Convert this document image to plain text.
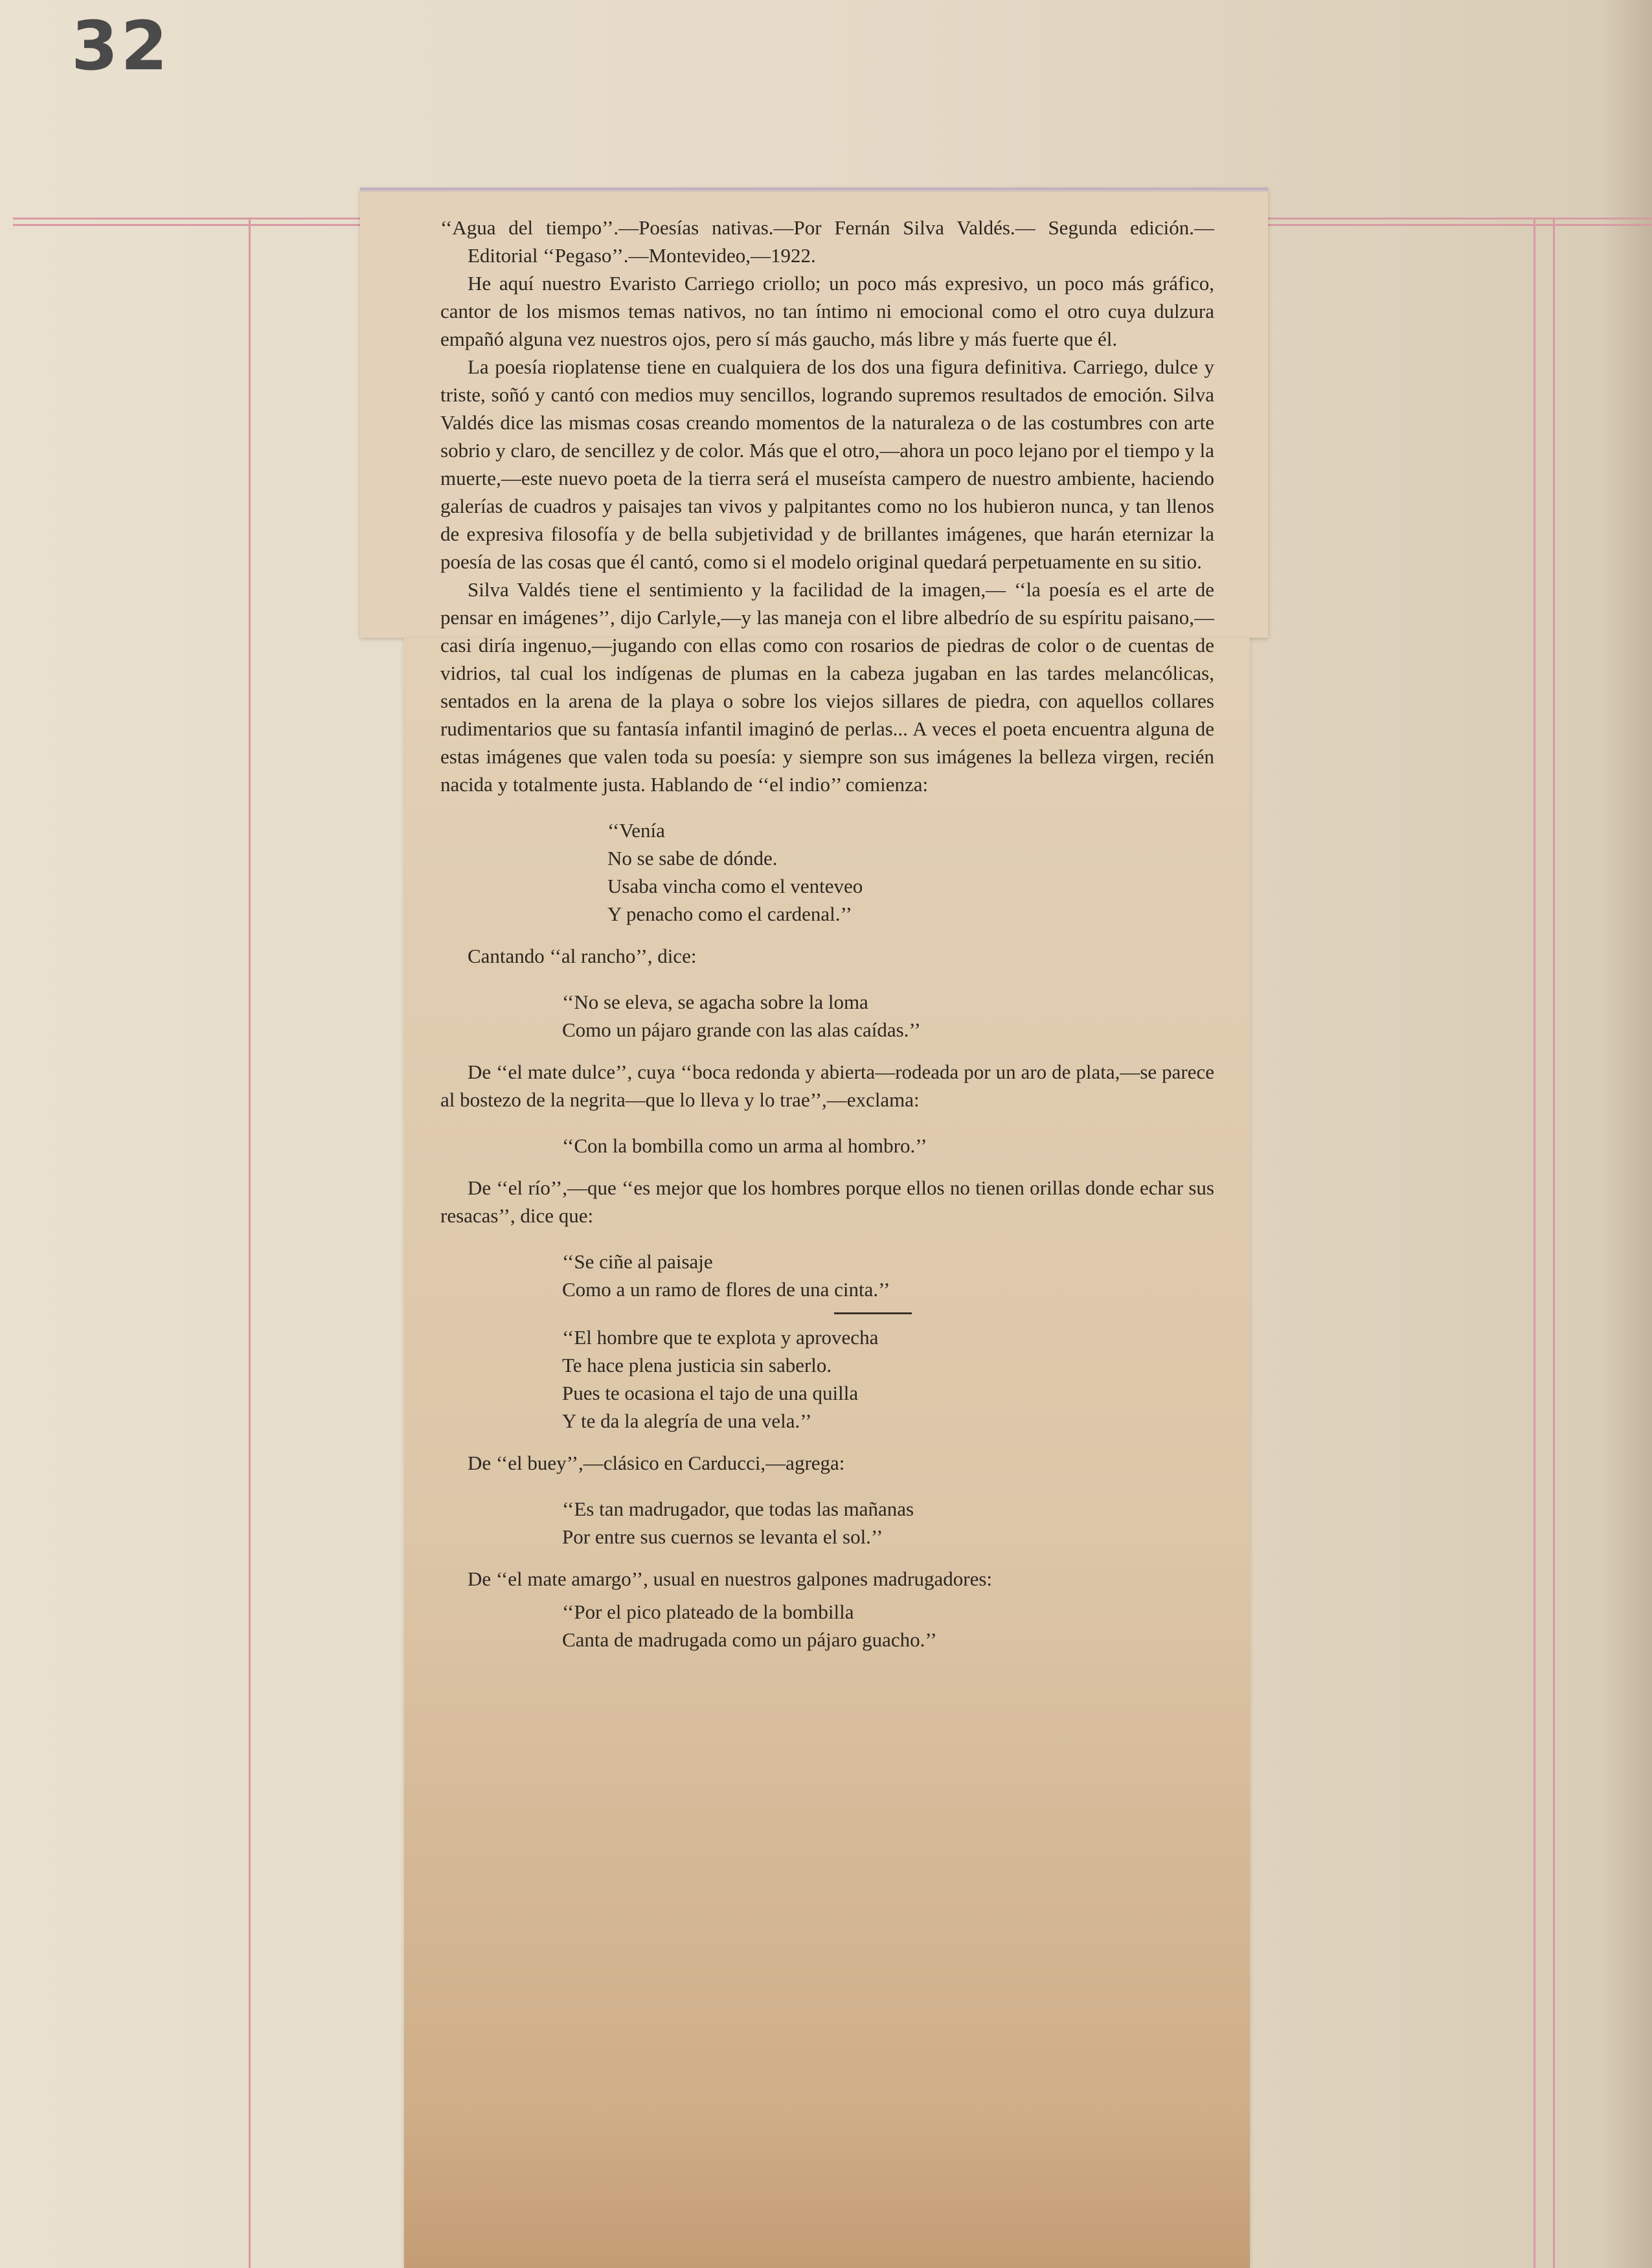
32

‘‘Agua del tiempo’’.—Poesías nativas.—Por Fernán Silva Valdés.— Segunda edición.—Editorial ‘‘Pegaso’’.—Montevideo,—1922.

He aquí nuestro Evaristo Carriego criollo; un poco más expresivo, un poco más gráfico, cantor de los mismos temas nativos, no tan íntimo ni emocional como el otro cuya dulzura empañó alguna vez nuestros ojos, pero sí más gaucho, más libre y más fuerte que él.

La poesía rioplatense tiene en cualquiera de los dos una figura definitiva. Carriego, dulce y triste, soñó y cantó con medios muy sencillos, logrando supremos resultados de emoción. Silva Valdés dice las mismas cosas creando momentos de la naturaleza o de las costumbres con arte sobrio y claro, de sencillez y de color. Más que el otro,—ahora un poco lejano por el tiempo y la muerte,—este nuevo poeta de la tierra será el museísta campero de nuestro ambiente, haciendo galerías de cuadros y paisajes tan vivos y palpitantes como no los hubieron nunca, y tan llenos de expresiva filosofía y de bella subjetividad y de brillantes imágenes, que harán eternizar la poesía de las cosas que él cantó, como si el modelo original quedará perpetuamente en su sitio.

Silva Valdés tiene el sentimiento y la facilidad de la imagen,— ‘‘la poesía es el arte de pensar en imágenes’’, dijo Carlyle,—y las maneja con el libre albedrío de su espíritu paisano,—casi diría ingenuo,—jugando con ellas como con rosarios de piedras de color o de cuentas de vidrios, tal cual los indígenas de plumas en la cabeza jugaban en las tardes melancólicas, sentados en la arena de la playa o sobre los viejos sillares de piedra, con aquellos collares rudimentarios que su fantasía infantil imaginó de perlas... A veces el poeta encuentra alguna de estas imágenes que valen toda su poesía: y siempre son sus imágenes la belleza virgen, recién nacida y totalmente justa. Hablando de ‘‘el indio’’ comienza:

‘‘Venía
No se sabe de dónde.
Usaba vincha como el venteveo
Y penacho como el cardenal.’’

Cantando ‘‘al rancho’’, dice:

‘‘No se eleva, se agacha sobre la loma
Como un pájaro grande con las alas caídas.’’

De ‘‘el mate dulce’’, cuya ‘‘boca redonda y abierta—rodeada por un aro de plata,—se parece al bostezo de la negrita—que lo lleva y lo trae’’,—exclama:

‘‘Con la bombilla como un arma al hombro.’’

De ‘‘el río’’,—que ‘‘es mejor que los hombres porque ellos no tienen orillas donde echar sus resacas’’, dice que:

‘‘Se ciñe al paisaje
Como a un ramo de flores de una cinta.’’
‘‘El hombre que te explota y aprovecha
Te hace plena justicia sin saberlo.
Pues te ocasiona el tajo de una quilla
Y te da la alegría de una vela.’’

De ‘‘el buey’’,—clásico en Carducci,—agrega:

‘‘Es tan madrugador, que todas las mañanas
Por entre sus cuernos se levanta el sol.’’

De ‘‘el mate amargo’’, usual en nuestros galpones madrugadores:

‘‘Por el pico plateado de la bombilla
Canta de madrugada como un pájaro guacho.’’
